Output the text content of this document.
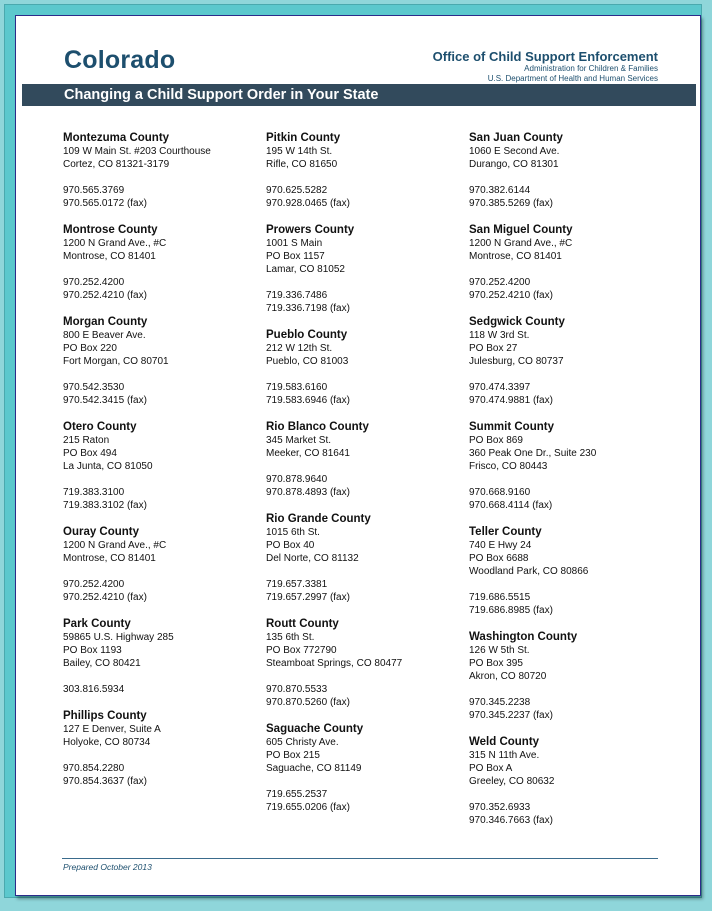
Colorado	Office of Child Support Enforcement
Administration for Children & Families
U.S. Department of Health and Human Services
Changing a Child Support Order in Your State
Montezuma County
109 W Main St. #203 Courthouse
Cortez, CO 81321-3179
970.565.3769
970.565.0172 (fax)
Montrose County
1200 N Grand Ave., #C
Montrose, CO 81401
970.252.4200
970.252.4210 (fax)
Morgan County
800 E Beaver Ave.
PO Box 220
Fort Morgan, CO 80701
970.542.3530
970.542.3415 (fax)
Otero County
215 Raton
PO Box 494
La Junta, CO 81050
719.383.3100
719.383.3102 (fax)
Ouray County
1200 N Grand Ave., #C
Montrose, CO 81401
970.252.4200
970.252.4210 (fax)
Park County
59865 U.S. Highway 285
PO Box 1193
Bailey, CO 80421
303.816.5934
Phillips County
127 E Denver, Suite A
Holyoke, CO 80734
970.854.2280
970.854.3637 (fax)
Pitkin County
195 W 14th St.
Rifle, CO 81650
970.625.5282
970.928.0465 (fax)
Prowers County
1001 S Main
PO Box 1157
Lamar, CO 81052
719.336.7486
719.336.7198 (fax)
Pueblo County
212 W 12th St.
Pueblo, CO 81003
719.583.6160
719.583.6946 (fax)
Rio Blanco County
345 Market St.
Meeker, CO 81641
970.878.9640
970.878.4893 (fax)
Rio Grande County
1015 6th St.
PO Box 40
Del Norte, CO 81132
719.657.3381
719.657.2997 (fax)
Routt County
135 6th St.
PO Box 772790
Steamboat Springs, CO 80477
970.870.5533
970.870.5260 (fax)
Saguache County
605 Christy Ave.
PO Box 215
Saguache, CO 81149
719.655.2537
719.655.0206 (fax)
San Juan County
1060 E Second Ave.
Durango, CO 81301
970.382.6144
970.385.5269 (fax)
San Miguel County
1200 N Grand Ave., #C
Montrose, CO 81401
970.252.4200
970.252.4210 (fax)
Sedgwick County
118 W 3rd St.
PO Box 27
Julesburg, CO 80737
970.474.3397
970.474.9881 (fax)
Summit County
PO Box 869
360 Peak One Dr., Suite 230
Frisco, CO 80443
970.668.9160
970.668.4114 (fax)
Teller County
740 E Hwy 24
PO Box 6688
Woodland Park, CO 80866
719.686.5515
719.686.8985 (fax)
Washington County
126 W 5th St.
PO Box 395
Akron, CO 80720
970.345.2238
970.345.2237 (fax)
Weld County
315 N 11th Ave.
PO Box A
Greeley, CO 80632
970.352.6933
970.346.7663 (fax)
Prepared October 2013
